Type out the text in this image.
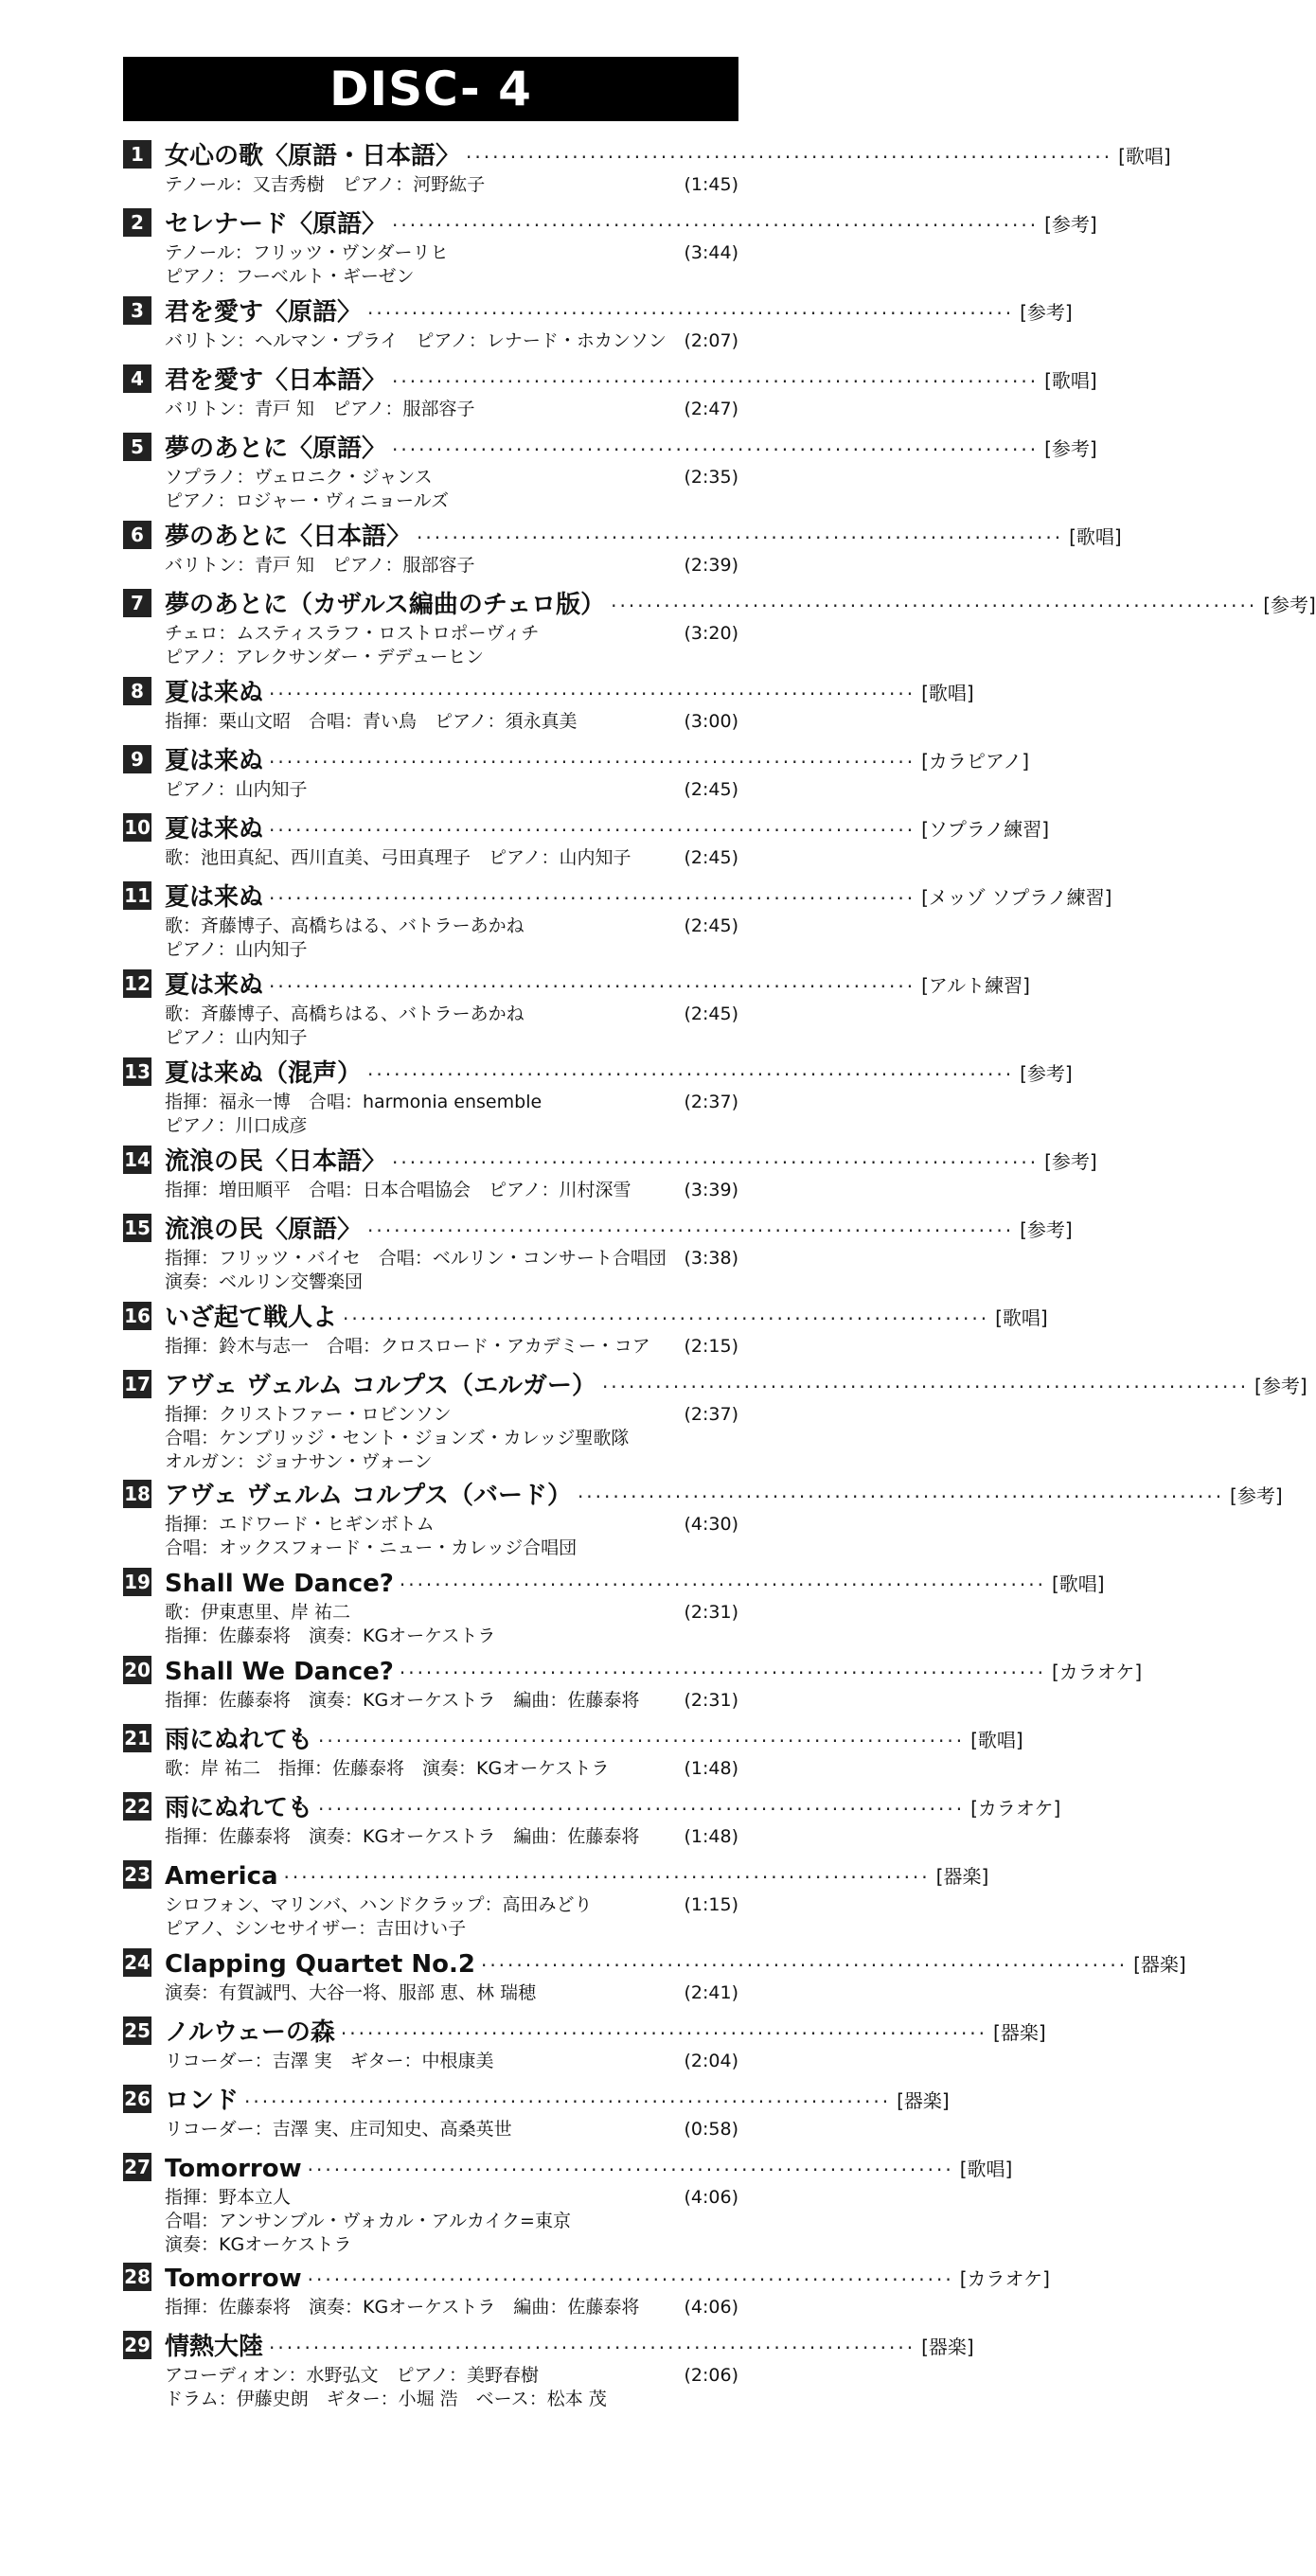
DISC- 4
1 女心の歌〈原語・日本語〉 ········································································· [歌唱]
テノール：又吉秀樹　ピアノ：河野紘子	(1:45)
2 セレナード〈原語〉 ········································································· [参考]
テノール：フリッツ・ヴンダーリヒ
ピアノ：フーベルト・ギーゼン
(3:44)
3 君を愛す〈原語〉 ········································································· [参考]
バリトン：ヘルマン・プライ　ピアノ：レナード・ホカンソン (2:07)
4 君を愛す〈日本語〉 ········································································· [歌唱]
バリトン：青戸 知　ピアノ：服部容子	(2:47)
5 夢のあとに〈原語〉 ········································································· [参考]
ソプラノ：ヴェロニク・ジャンス
ピアノ：ロジャー・ヴィニョールズ
(2:35)
6 夢のあとに〈日本語〉 ········································································· [歌唱]
バリトン：青戸 知　ピアノ：服部容子	(2:39)
7 夢のあとに（カザルス編曲のチェロ版） ········································································· [参考]
チェロ：ムスティスラフ・ロストロポーヴィチ
ピアノ：アレクサンダー・デデューヒン
(3:20)
8 夏は来ぬ ········································································· [歌唱]
指揮：栗山文昭　合唱：青い鳥　ピアノ：須永真美	(3:00)
9 夏は来ぬ ········································································· [カラピアノ]
ピアノ：山内知子	(2:45)
10 夏は来ぬ ········································································· [ソプラノ練習]
歌：池田真紀、西川直美、弓田真理子　ピアノ：山内知子	(2:45)
11 夏は来ぬ ········································································· [メッゾ ソプラノ練習]
歌：斉藤博子、高橋ちはる、バトラーあかね
ピアノ：山内知子
(2:45)
12 夏は来ぬ ········································································· [アルト練習]
歌：斉藤博子、高橋ちはる、バトラーあかね
ピアノ：山内知子
(2:45)
13 夏は来ぬ（混声） ········································································· [参考]
指揮：福永一博　合唱：harmonia ensemble
ピアノ：川口成彦
(2:37)
14 流浪の民〈日本語〉 ········································································· [参考]
指揮：増田順平　合唱：日本合唱協会　ピアノ：川村深雪	(3:39)
15 流浪の民〈原語〉 ········································································· [参考]
指揮：フリッツ・バイセ　合唱：ベルリン・コンサート合唱団
演奏：ベルリン交響楽団
(3:38)
16 いざ起て戦人よ ········································································· [歌唱]
指揮：鈴木与志一　合唱：クロスロード・アカデミー・コア (2:15)
17 アヴェ ヴェルム コルプス（エルガー） ········································································· [参考]
指揮：クリストファー・ロビンソン
合唱：ケンブリッジ・セント・ジョンズ・カレッジ聖歌隊
オルガン：ジョナサン・ヴォーン
(2:37)
18 アヴェ ヴェルム コルプス（バード） ········································································· [参考]
指揮：エドワード・ヒギンボトム
合唱：オックスフォード・ニュー・カレッジ合唱団
(4:30)
19 Shall We Dance? ········································································· [歌唱]
歌：伊東恵里、岸 祐二
指揮：佐藤泰将　演奏：KGオーケストラ
(2:31)
20 Shall We Dance? ········································································· [カラオケ]
指揮：佐藤泰将　演奏：KGオーケストラ　編曲：佐藤泰将 (2:31)
21 雨にぬれても ········································································· [歌唱]
歌：岸 祐二　指揮：佐藤泰将　演奏：KGオーケストラ	(1:48)
22 雨にぬれても ········································································· [カラオケ]
指揮：佐藤泰将　演奏：KGオーケストラ　編曲：佐藤泰将 (1:48)
23 America ········································································· [器楽]
シロフォン、マリンバ、ハンドクラップ：高田みどり
ピアノ、シンセサイザー：吉田けい子
(1:15)
24 Clapping Quartet No.2 ········································································· [器楽]
演奏：有賀誠門、大谷一将、服部 恵、林 瑞穂	(2:41)
25 ノルウェーの森 ········································································· [器楽]
リコーダー：吉澤 実　ギター：中根康美	(2:04)
26 ロンド ········································································· [器楽]
リコーダー：吉澤 実、庄司知史、高桑英世	(0:58)
27 Tomorrow ········································································· [歌唱]
指揮：野本立人
合唱：アンサンブル・ヴォカル・アルカイク=東京
演奏：KGオーケストラ
(4:06)
28 Tomorrow ········································································· [カラオケ]
指揮：佐藤泰将　演奏：KGオーケストラ　編曲：佐藤泰将 (4:06)
29 情熱大陸 ········································································· [器楽]
アコーディオン：水野弘文　ピアノ：美野春樹
ドラム：伊藤史朗　ギター：小堀 浩　ベース：松本 茂
(2:06)
